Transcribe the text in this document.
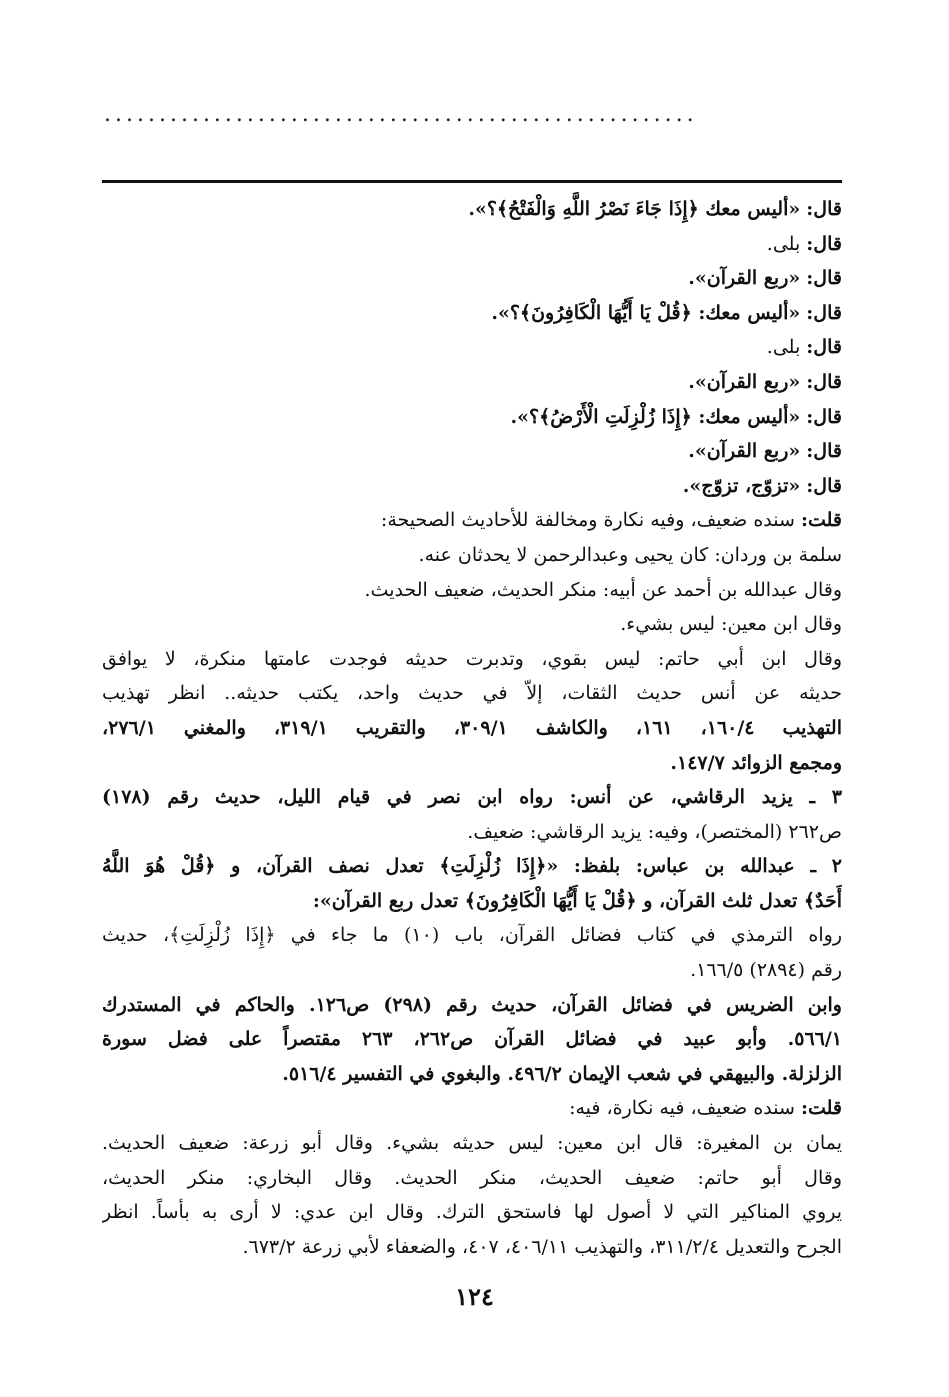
......................................................
قال: «أليس معك ﴿إِذَا جَاءَ نَصْرُ اللَّهِ وَالْفَتْحُ﴾؟».
قال: بلى.
قال: «ربع القرآن».
قال: «أليس معك: ﴿قُلْ يَا أَيُّهَا الْكَافِرُونَ﴾؟».
قال: بلى.
قال: «ربع القرآن».
قال: «أليس معك: ﴿إِذَا زُلْزِلَتِ الْأَرْضُ﴾؟».
قال: «ربع القرآن».
قال: «تزوّج، تزوّج».
قلت: سنده ضعيف، وفيه نكارة ومخالفة للأحاديث الصحيحة:
سلمة بن وردان: كان يحيى وعبدالرحمن لا يحدثان عنه.
وقال عبدالله بن أحمد عن أبيه: منكر الحديث، ضعيف الحديث.
وقال ابن معين: ليس بشيء.
وقال ابن أبي حاتم: ليس بقوي، وتدبرت حديثه فوجدت عامتها منكرة، لا يوافق
حديثه عن أنس حديث الثقات، إلاّ في حديث واحد، يكتب حديثه.. انظر تهذيب
التهذيب ١٦٠/٤، ١٦١، والكاشف ٣٠٩/١، والتقريب ٣١٩/١، والمغني ٢٧٦/١،
ومجمع الزوائد ١٤٧/٧.
٣ ـ يزيد الرقاشي، عن أنس: رواه ابن نصر في قيام الليل، حديث رقم (١٧٨)
ص٢٦٢ (المختصر)، وفيه: يزيد الرقاشي: ضعيف.
٢ ـ عبدالله بن عباس: بلفظ: «﴿إِذَا زُلْزِلَتِ﴾ تعدل نصف القرآن، و ﴿قُلْ هُوَ اللَّهُ
أَحَدٌ﴾ تعدل ثلث القرآن، و ﴿قُلْ يَا أَيُّهَا الْكَافِرُونَ﴾ تعدل ربع القرآن»:
رواه الترمذي في كتاب فضائل القرآن، باب (١٠) ما جاء في ﴿إِذَا زُلْزِلَتِ﴾، حديث
رقم (٢٨٩٤) ١٦٦/٥.
وابن الضريس في فضائل القرآن، حديث رقم (٢٩٨) ص١٢٦. والحاكم في المستدرك
٥٦٦/١. وأبو عبيد في فضائل القرآن ص٢٦٢، ٢٦٣ مقتصراً على فضل سورة
الزلزلة. والبيهقي في شعب الإيمان ٤٩٦/٢. والبغوي في التفسير ٥١٦/٤.
قلت: سنده ضعيف، فيه نكارة، فيه:
يمان بن المغيرة: قال ابن معين: ليس حديثه بشيء. وقال أبو زرعة: ضعيف الحديث.
وقال أبو حاتم: ضعيف الحديث، منكر الحديث. وقال البخاري: منكر الحديث،
يروي المناكير التي لا أصول لها فاستحق الترك. وقال ابن عدي: لا أرى به بأساً. انظر
الجرح والتعديل ٣١١/٢/٤، والتهذيب ٤٠٦/١١، ٤٠٧، والضعفاء لأبي زرعة ٦٧٣/٢.
١٢٤
